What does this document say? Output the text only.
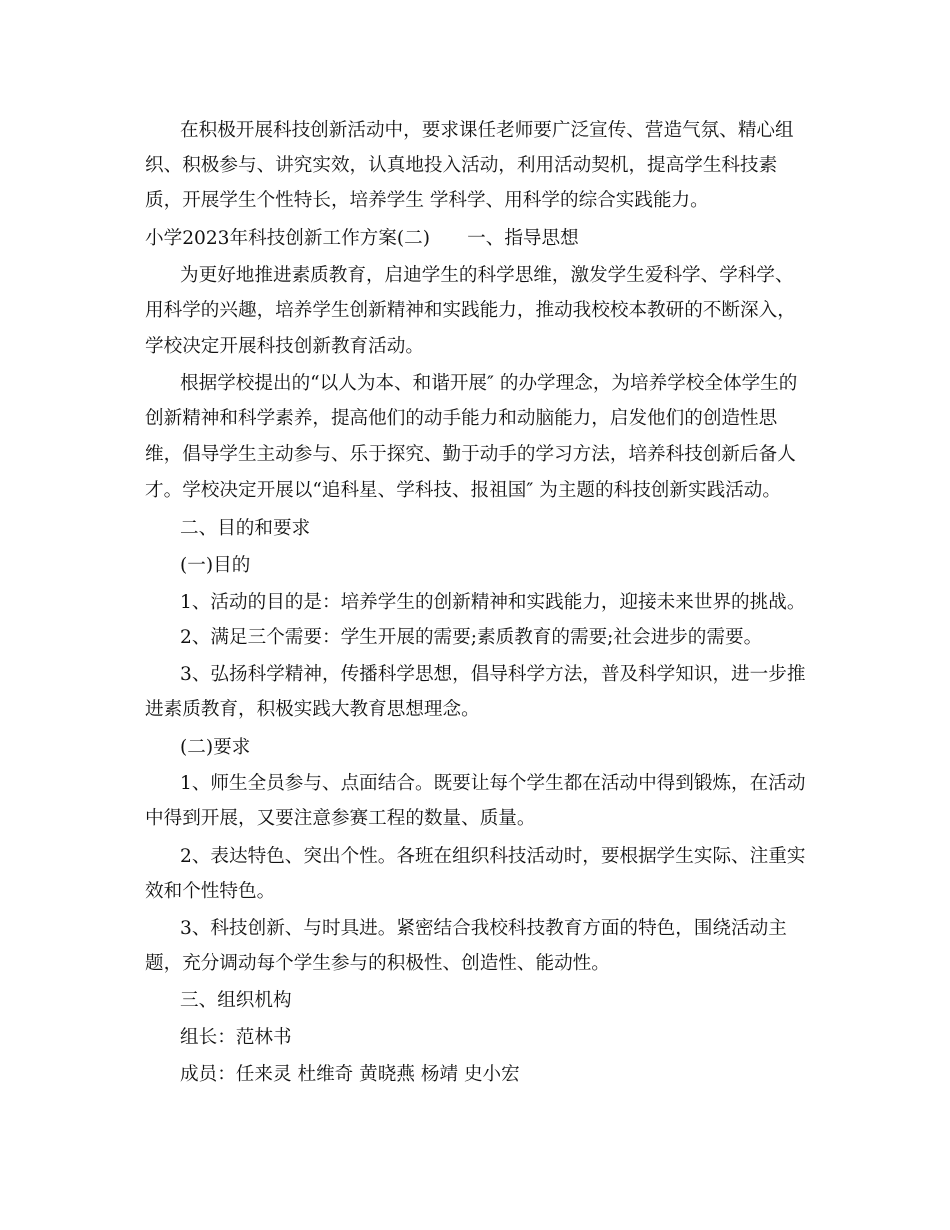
在积极开展科技创新活动中，要求课任老师要广泛宣传、营造气氛、精心组
织、积极参与、讲究实效，认真地投入活动，利用活动契机，提高学生科技素
质，开展学生个性特长，培养学生 学科学、用科学的综合实践能力。
小学2023年科技创新工作方案(二)　　一、指导思想
为更好地推进素质教育，启迪学生的科学思维，激发学生爱科学、学科学、
用科学的兴趣，培养学生创新精神和实践能力，推动我校校本教研的不断深入，
学校决定开展科技创新教育活动。
根据学校提出的“以人为本、和谐开展″ 的办学理念，为培养学校全体学生的
创新精神和科学素养，提高他们的动手能力和动脑能力，启发他们的创造性思
维，倡导学生主动参与、乐于探究、勤于动手的学习方法，培养科技创新后备人
才。学校决定开展以“追科星、学科技、报祖国″ 为主题的科技创新实践活动。
二、目的和要求
(一)目的
1、活动的目的是：培养学生的创新精神和实践能力，迎接未来世界的挑战。
2、满足三个需要：学生开展的需要;素质教育的需要;社会进步的需要。
3、弘扬科学精神，传播科学思想，倡导科学方法，普及科学知识，进一步推
进素质教育，积极实践大教育思想理念。
(二)要求
1、师生全员参与、点面结合。既要让每个学生都在活动中得到锻炼，在活动
中得到开展，又要注意参赛工程的数量、质量。
2、表达特色、突出个性。各班在组织科技活动时，要根据学生实际、注重实
效和个性特色。
3、科技创新、与时具进。紧密结合我校科技教育方面的特色，围绕活动主
题，充分调动每个学生参与的积极性、创造性、能动性。
三、组织机构
组长：范林书
成员：任来灵 杜维奇 黄晓燕 杨靖 史小宏
